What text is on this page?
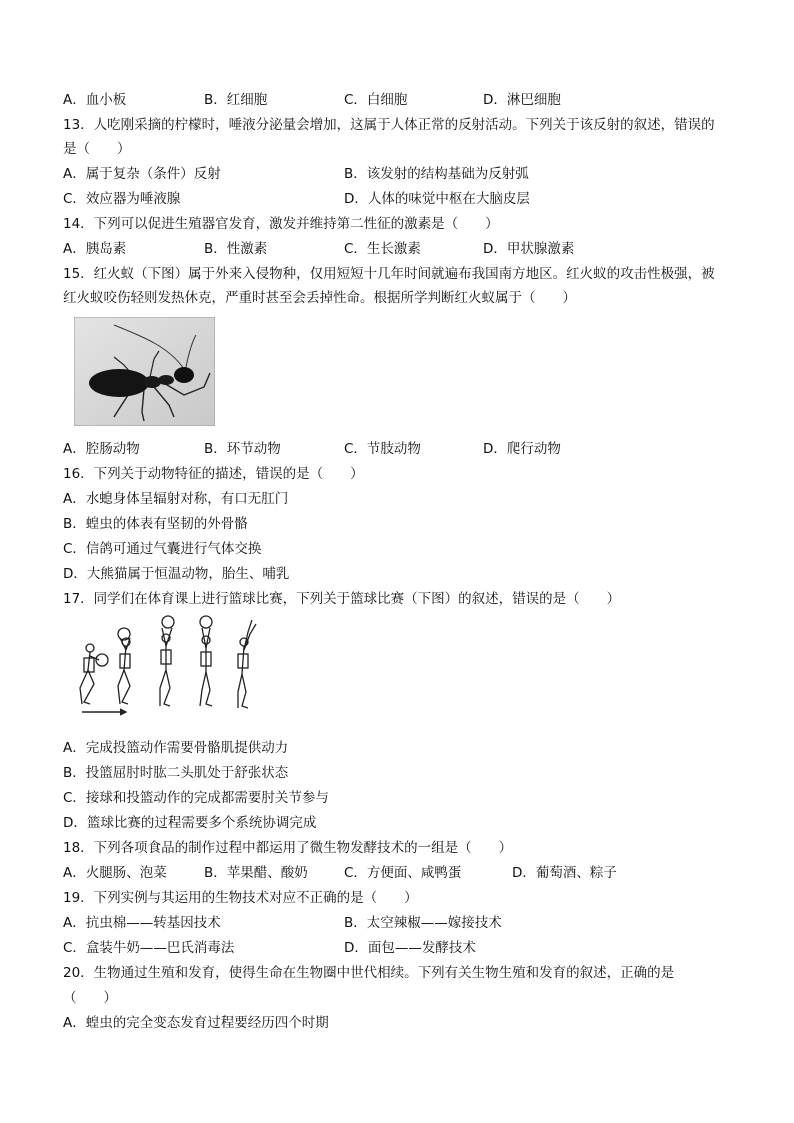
A．血小板	B．红细胞	C．白细胞	D．淋巴细胞
13．人吃刚采摘的柠檬时，唾液分泌量会增加，这属于人体正常的反射活动。下列关于该反射的叙述，错误的
是（　　）
A．属于复杂（条件）反射	B．该发射的结构基础为反射弧
C．效应器为唾液腺	D．人体的味觉中枢在大脑皮层
14．下列可以促进生殖器官发育，激发并维持第二性征的激素是（　　）
A．胰岛素	B．性激素	C．生长激素	D．甲状腺激素
15．红火蚁（下图）属于外来入侵物种，仅用短短十几年时间就遍布我国南方地区。红火蚁的攻击性极强，被
红火蚁咬伤轻则发热休克，严重时甚至会丢掉性命。根据所学判断红火蚁属于（　　）
A．腔肠动物	B．环节动物	C．节肢动物	D．爬行动物
16．下列关于动物特征的描述，错误的是（　　）
A．水螅身体呈辐射对称，有口无肛门
B．蝗虫的体表有坚韧的外骨骼
C．信鸽可通过气囊进行气体交换
D．大熊猫属于恒温动物，胎生、哺乳
17．同学们在体育课上进行篮球比赛，下列关于篮球比赛（下图）的叙述，错误的是（　　）
A．完成投篮动作需要骨骼肌提供动力
B．投篮屈肘时肱二头肌处于舒张状态
C．接球和投篮动作的完成都需要肘关节参与
D．篮球比赛的过程需要多个系统协调完成
18．下列各项食品的制作过程中都运用了微生物发酵技术的一组是（　　）
A．火腿肠、泡菜	B．苹果醋、酸奶	C．方便面、咸鸭蛋	D．葡萄酒、粽子
19．下列实例与其运用的生物技术对应不正确的是（　　）
A．抗虫棉——转基因技术	B．太空辣椒——嫁接技术
C．盒装牛奶——巴氏消毒法	D．面包——发酵技术
20．生物通过生殖和发育，使得生命在生物圈中世代相续。下列有关生物生殖和发育的叙述，正确的是
（　　）
A．蝗虫的完全变态发育过程要经历四个时期
